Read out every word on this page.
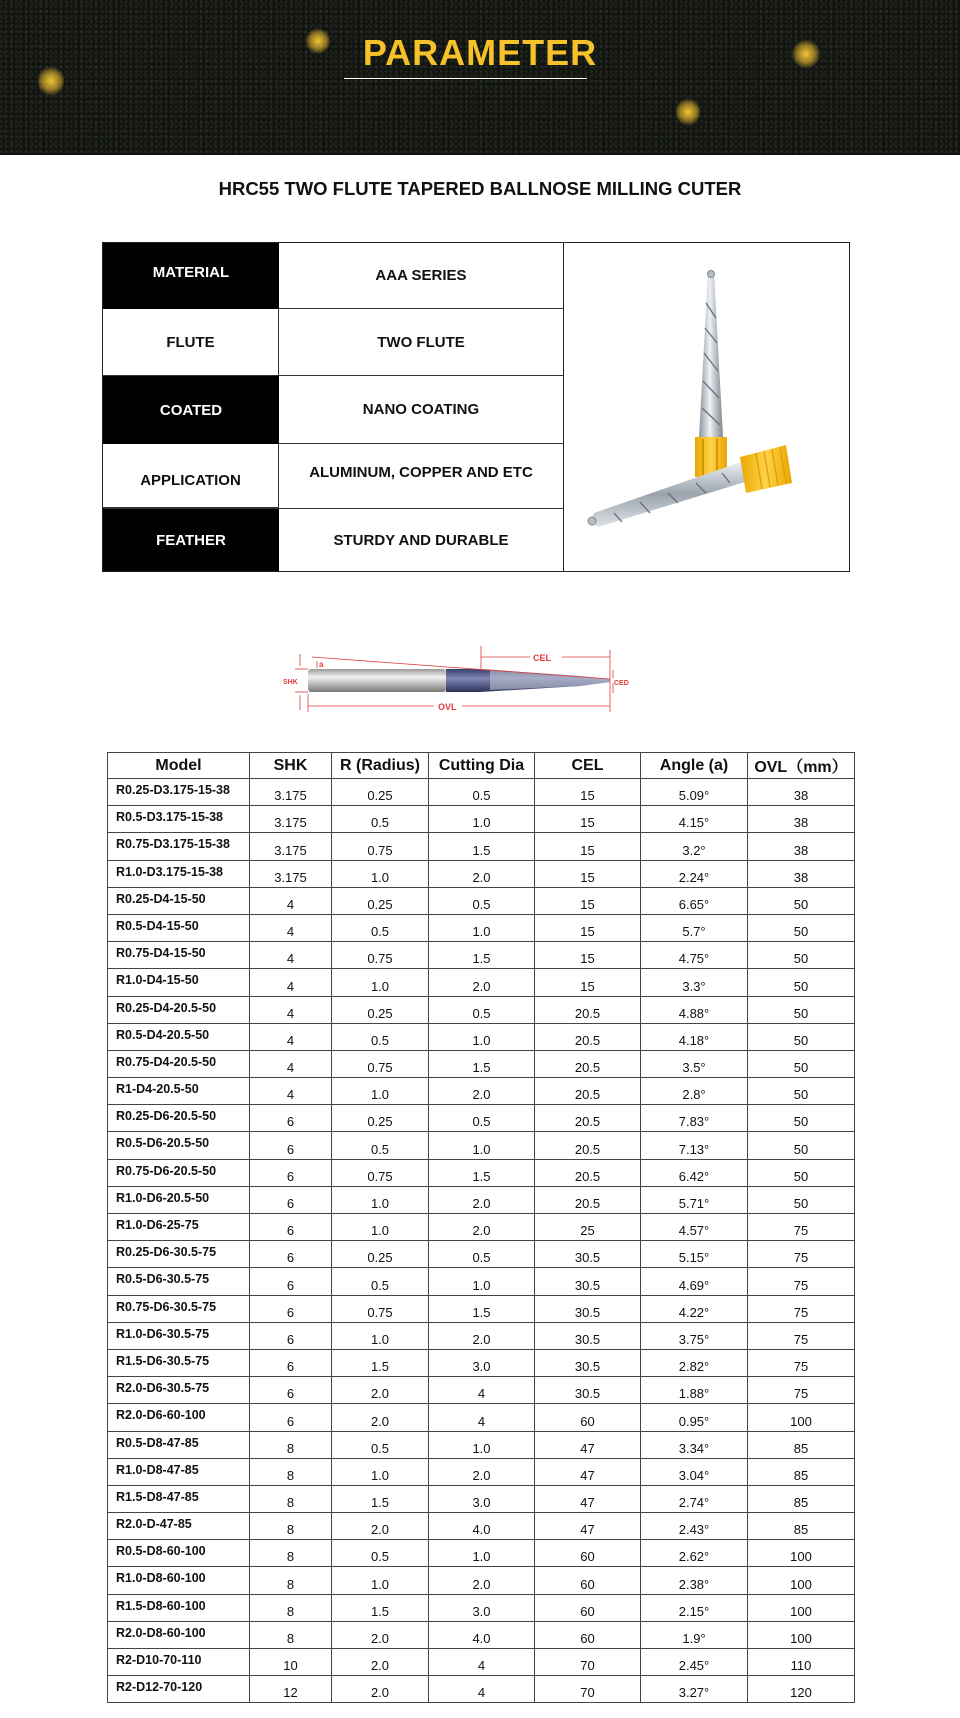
PARAMETER
HRC55 TWO FLUTE TAPERED BALLNOSE MILLING CUTER
MATERIAL	AAA SERIES
FLUTE	TWO FLUTE
COATED	NANO COATING
APPLICATION	ALUMINUM, COPPER AND ETC
FEATHER	STURDY AND DURABLE
CEL
OVL
SHK	CED
a
Model	SHK	R (Radius)	Cutting Dia	CEL	Angle (a)	OVL（mm）
R0.25-D3.175-15-38	3.175	0.25	0.5	15	5.09°	38
R0.5-D3.175-15-38	3.175	0.5	1.0	15	4.15°	38
R0.75-D3.175-15-38	3.175	0.75	1.5	15	3.2°	38
R1.0-D3.175-15-38	3.175	1.0	2.0	15	2.24°	38
R0.25-D4-15-50	4	0.25	0.5	15	6.65°	50
R0.5-D4-15-50	4	0.5	1.0	15	5.7°	50
R0.75-D4-15-50	4	0.75	1.5	15	4.75°	50
R1.0-D4-15-50	4	1.0	2.0	15	3.3°	50
R0.25-D4-20.5-50	4	0.25	0.5	20.5	4.88°	50
R0.5-D4-20.5-50	4	0.5	1.0	20.5	4.18°	50
R0.75-D4-20.5-50	4	0.75	1.5	20.5	3.5°	50
R1-D4-20.5-50	4	1.0	2.0	20.5	2.8°	50
R0.25-D6-20.5-50	6	0.25	0.5	20.5	7.83°	50
R0.5-D6-20.5-50	6	0.5	1.0	20.5	7.13°	50
R0.75-D6-20.5-50	6	0.75	1.5	20.5	6.42°	50
R1.0-D6-20.5-50	6	1.0	2.0	20.5	5.71°	50
R1.0-D6-25-75	6	1.0	2.0	25	4.57°	75
R0.25-D6-30.5-75	6	0.25	0.5	30.5	5.15°	75
R0.5-D6-30.5-75	6	0.5	1.0	30.5	4.69°	75
R0.75-D6-30.5-75	6	0.75	1.5	30.5	4.22°	75
R1.0-D6-30.5-75	6	1.0	2.0	30.5	3.75°	75
R1.5-D6-30.5-75	6	1.5	3.0	30.5	2.82°	75
R2.0-D6-30.5-75	6	2.0	4	30.5	1.88°	75
R2.0-D6-60-100	6	2.0	4	60	0.95°	100
R0.5-D8-47-85	8	0.5	1.0	47	3.34°	85
R1.0-D8-47-85	8	1.0	2.0	47	3.04°	85
R1.5-D8-47-85	8	1.5	3.0	47	2.74°	85
R2.0-D-47-85	8	2.0	4.0	47	2.43°	85
R0.5-D8-60-100	8	0.5	1.0	60	2.62°	100
R1.0-D8-60-100	8	1.0	2.0	60	2.38°	100
R1.5-D8-60-100	8	1.5	3.0	60	2.15°	100
R2.0-D8-60-100	8	2.0	4.0	60	1.9°	100
R2-D10-70-110	10	2.0	4	70	2.45°	110
R2-D12-70-120	12	2.0	4	70	3.27°	120
